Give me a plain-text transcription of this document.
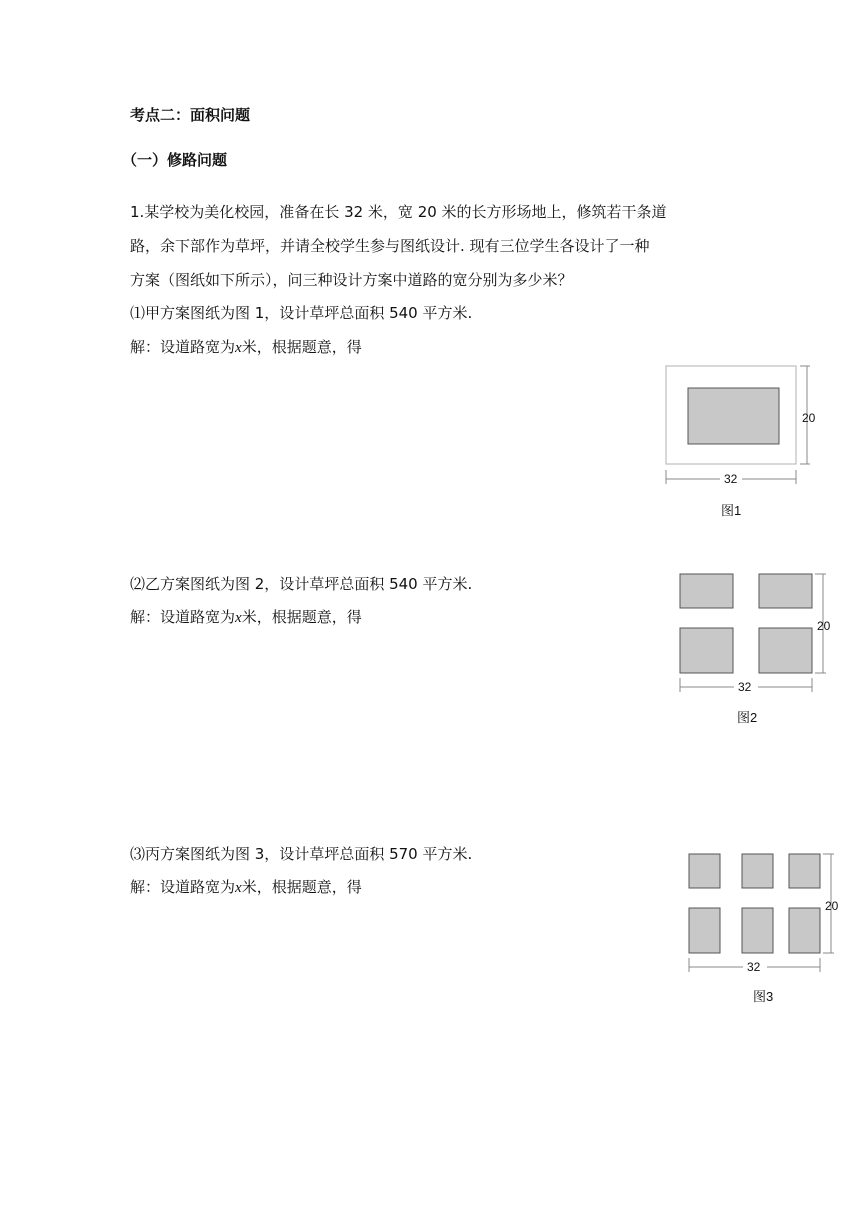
考点二：面积问题
（一）修路问题
1.某学校为美化校园，准备在长 32 米，宽 20 米的长方形场地上，修筑若干条道
路，余下部作为草坪，并请全校学生参与图纸设计. 现有三位学生各设计了一种
方案（图纸如下所示），问三种设计方案中道路的宽分别为多少米？
⑴甲方案图纸为图 1，设计草坪总面积 540 平方米.
解：设道路宽为x米，根据题意，得
⑵乙方案图纸为图 2，设计草坪总面积 540 平方米.
解：设道路宽为x米，根据题意，得
⑶丙方案图纸为图 3，设计草坪总面积 570 平方米.
解：设道路宽为x米，根据题意，得
20
32
图1
20
32
图2
20
32
图3
